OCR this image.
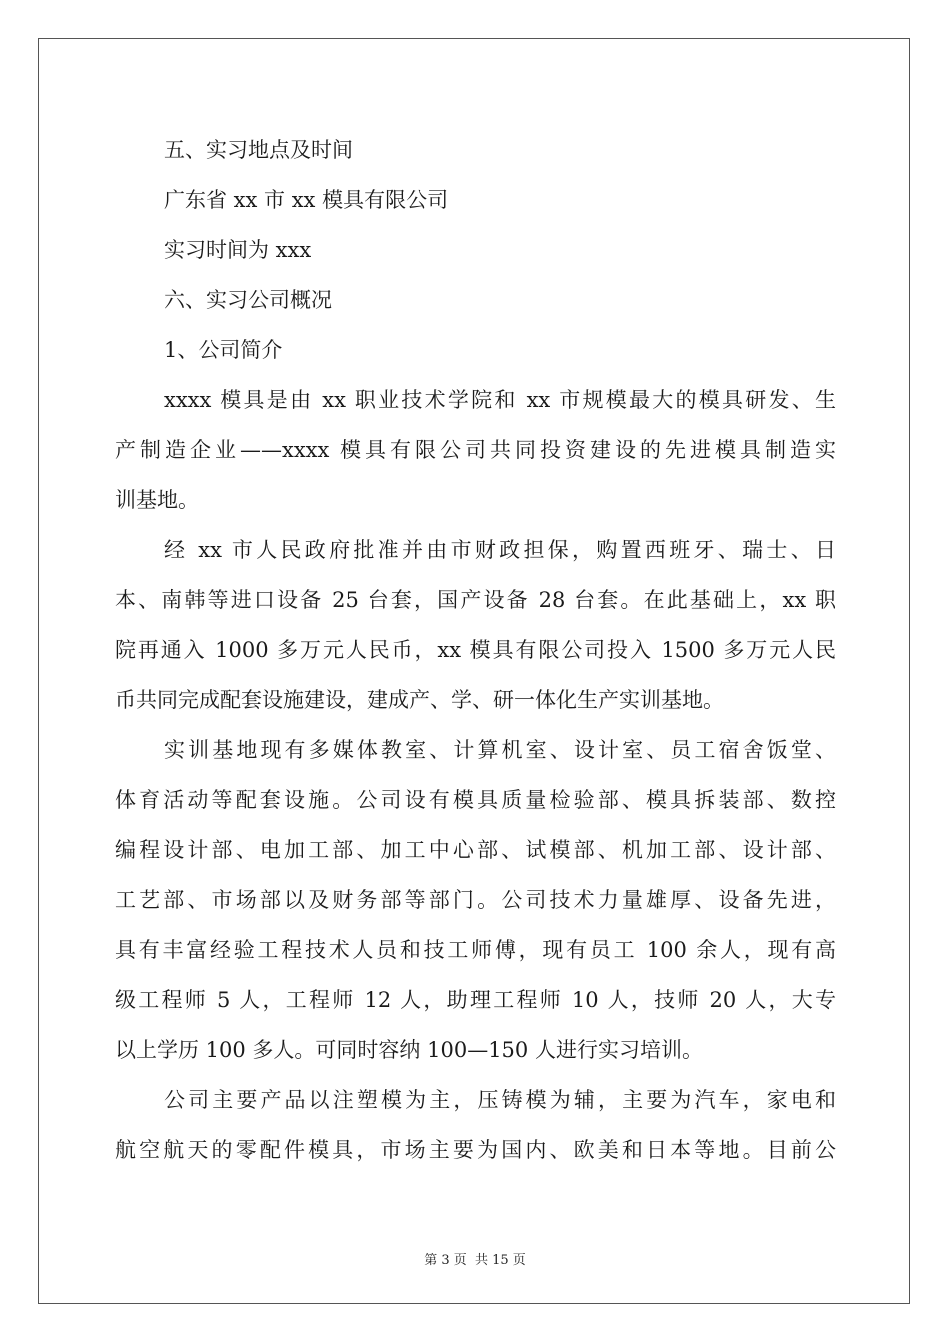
五、实习地点及时间
广东省 xx 市 xx 模具有限公司
实习时间为 xxx
六、实习公司概况
1、公司简介
xxxx 模具是由 xx 职业技术学院和 xx 市规模最大的模具研发、生
产制造企业——xxxx 模具有限公司共同投资建设的先进模具制造实
训基地。
经 xx 市人民政府批准并由市财政担保，购置西班牙、瑞士、日
本、南韩等进口设备 25 台套，国产设备 28 台套。在此基础上，xx 职
院再通入 1000 多万元人民币，xx 模具有限公司投入 1500 多万元人民
币共同完成配套设施建设，建成产、学、研一体化生产实训基地。
实训基地现有多媒体教室、计算机室、设计室、员工宿舍饭堂、
体育活动等配套设施。公司设有模具质量检验部、模具拆装部、数控
编程设计部、电加工部、加工中心部、试模部、机加工部、设计部、
工艺部、市场部以及财务部等部门。公司技术力量雄厚、设备先进，
具有丰富经验工程技术人员和技工师傅，现有员工 100 余人，现有高
级工程师 5 人，工程师 12 人，助理工程师 10 人，技师 20 人，大专
以上学历 100 多人。可同时容纳 100—150 人进行实习培训。
公司主要产品以注塑模为主，压铸模为辅，主要为汽车，家电和
航空航天的零配件模具，市场主要为国内、欧美和日本等地。目前公
第 3 页 共 15 页
